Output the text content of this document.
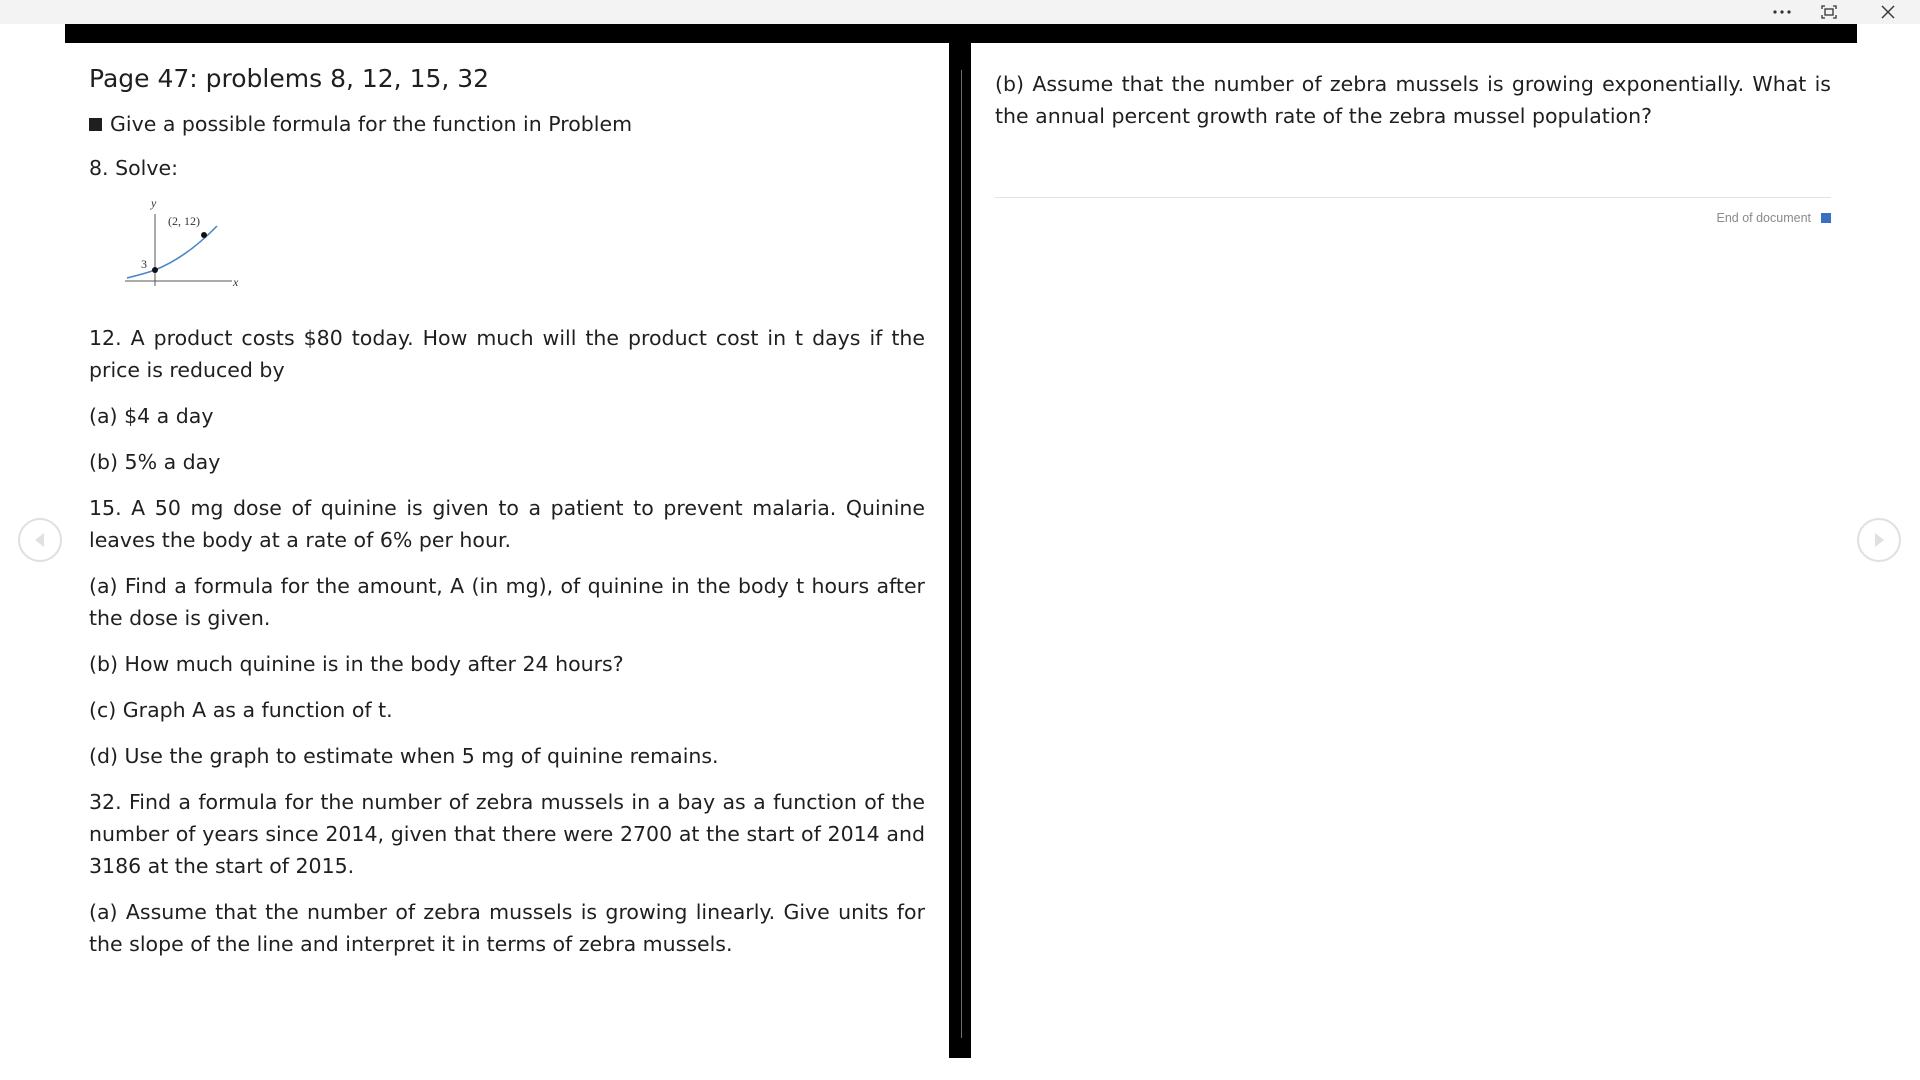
Page 47: problems 8, 12, 15, 32

Give a possible formula for the function in Problem

8. Solve:

y
x
(2, 12)
3

12. A product costs $80 today. How much will the product cost in t days if the price is reduced by

(a) $4 a day

(b) 5% a day

15. A 50 mg dose of quinine is given to a patient to prevent malaria. Quinine leaves the body at a rate of 6% per hour.

(a) Find a formula for the amount, A (in mg), of quinine in the body t hours after the dose is given.

(b) How much quinine is in the body after 24 hours?

(c) Graph A as a function of t.

(d) Use the graph to estimate when 5 mg of quinine remains.

32. Find a formula for the number of zebra mussels in a bay as a function of the number of years since 2014, given that there were 2700 at the start of 2014 and 3186 at the start of 2015.

(a) Assume that the number of zebra mussels is growing linearly. Give units for the slope of the line and interpret it in terms of zebra mussels.

(b) Assume that the number of zebra mussels is growing exponentially. What is the annual percent growth rate of the zebra mussel population?

End of document
